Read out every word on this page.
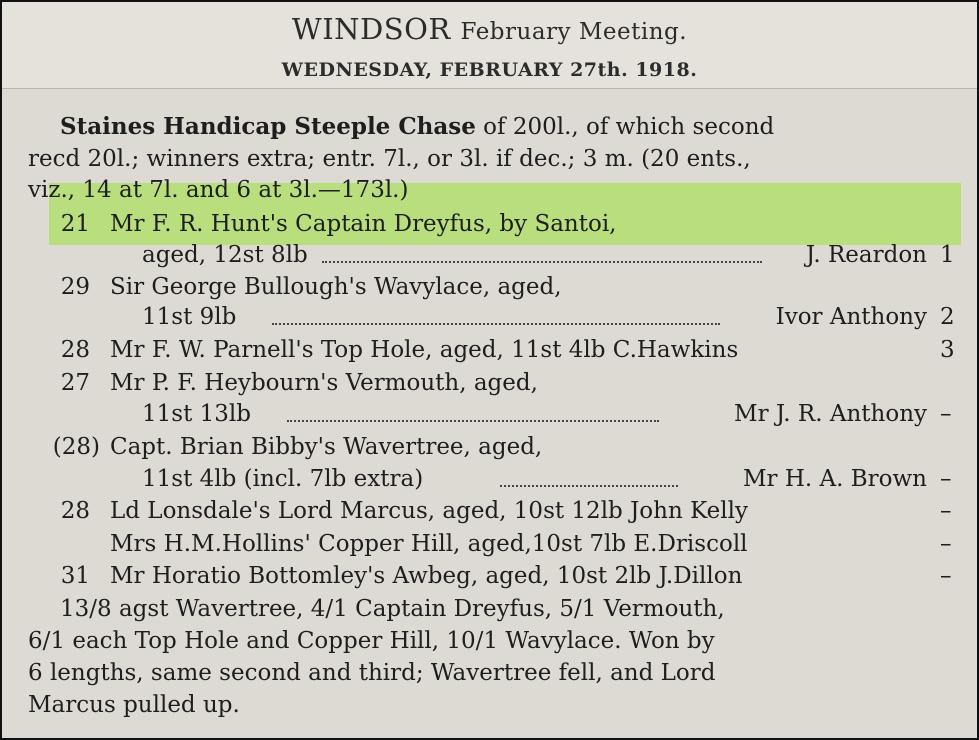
WINDSOR February Meeting.
WEDNESDAY, FEBRUARY 27th. 1918.
Staines Handicap Steeple Chase of 200l., of which second
recd 20l.; winners extra; entr. 7l., or 3l. if dec.; 3 m. (20 ents.,
viz., 14 at 7l. and 6 at 3l.—173l.)
21 Mr F. R. Hunt's Captain Dreyfus, by Santoi,
aged, 12st 8lb	J. Reardon 1
29 Sir George Bullough's Wavylace, aged,
11st 9lb	Ivor Anthony 2
28 Mr F. W. Parnell's Top Hole, aged, 11st 4lb C.Hawkins	3
27 Mr P. F. Heybourn's Vermouth, aged,
11st 13lb	Mr J. R. Anthony –
(28) Capt. Brian Bibby's Wavertree, aged,
11st 4lb (incl. 7lb extra)	Mr H. A. Brown –
28 Ld Lonsdale's Lord Marcus, aged, 10st 12lb John Kelly	–
Mrs H.M.Hollins' Copper Hill, aged,10st 7lb E.Driscoll	–
31 Mr Horatio Bottomley's Awbeg, aged, 10st 2lb J.Dillon	–
13/8 agst Wavertree, 4/1 Captain Dreyfus, 5/1 Vermouth,
6/1 each Top Hole and Copper Hill, 10/1 Wavylace. Won by
6 lengths, same second and third; Wavertree fell, and Lord
Marcus pulled up.
